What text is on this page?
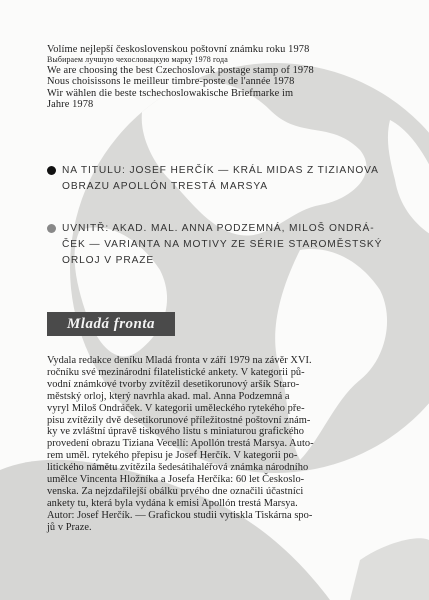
Volíme nejlepší československou poštovní známku roku 1978
Выбираем лучшую чехословацкую марку 1978 года
We are choosing the best Czechoslovak postage stamp of 1978
Nous choisissons le meilleur timbre-poste de l'année 1978
Wir wählen die beste tschechoslowakische Briefmarke im
Jahre 1978
NA TITULU: JOSEF HERČÍK — KRÁL MIDAS Z TIZIANOVA
OBRAZU APOLLÓN TRESTÁ MARSYA
UVNITŘ: AKAD. MAL. ANNA PODZEMNÁ, MILOŠ ONDRÁ-
ČEK — VARIANTA NA MOTIVY ZE SÉRIE STAROMĚSTSKÝ
ORLOJ V PRAZE
Mladá fronta
Vydala redakce deníku Mladá fronta v září 1979 na závěr XVI.
ročníku své mezinárodní filatelistické ankety. V kategorii pů-
vodní známkové tvorby zvítězil desetikorunový aršík Staro-
městský orloj, který navrhla akad. mal. Anna Podzemná a
vyryl Miloš Ondráček. V kategorii uměleckého rytekého pře-
pisu zvítězily dvě desetikorunové příležitostné poštovní znám-
ky ve zvláštní úpravě tiskového listu s miniaturou grafického
provedení obrazu Tiziana Vecellí: Apollón trestá Marsya. Auto-
rem uměl. rytekého přepisu je Josef Herčík. V kategorii po-
litického námětu zvítězila šedesátihaléřová známka národního
umělce Vincenta Hložníka a Josefa Herčíka: 60 let Českoslo-
venska. Za nejzdařilejší obálku prvého dne označili účastníci
ankety tu, která byla vydána k emisi Apollón trestá Marsya.
Autor: Josef Herčík. — Grafickou studii vytiskla Tiskárna spo-
jů v Praze.
